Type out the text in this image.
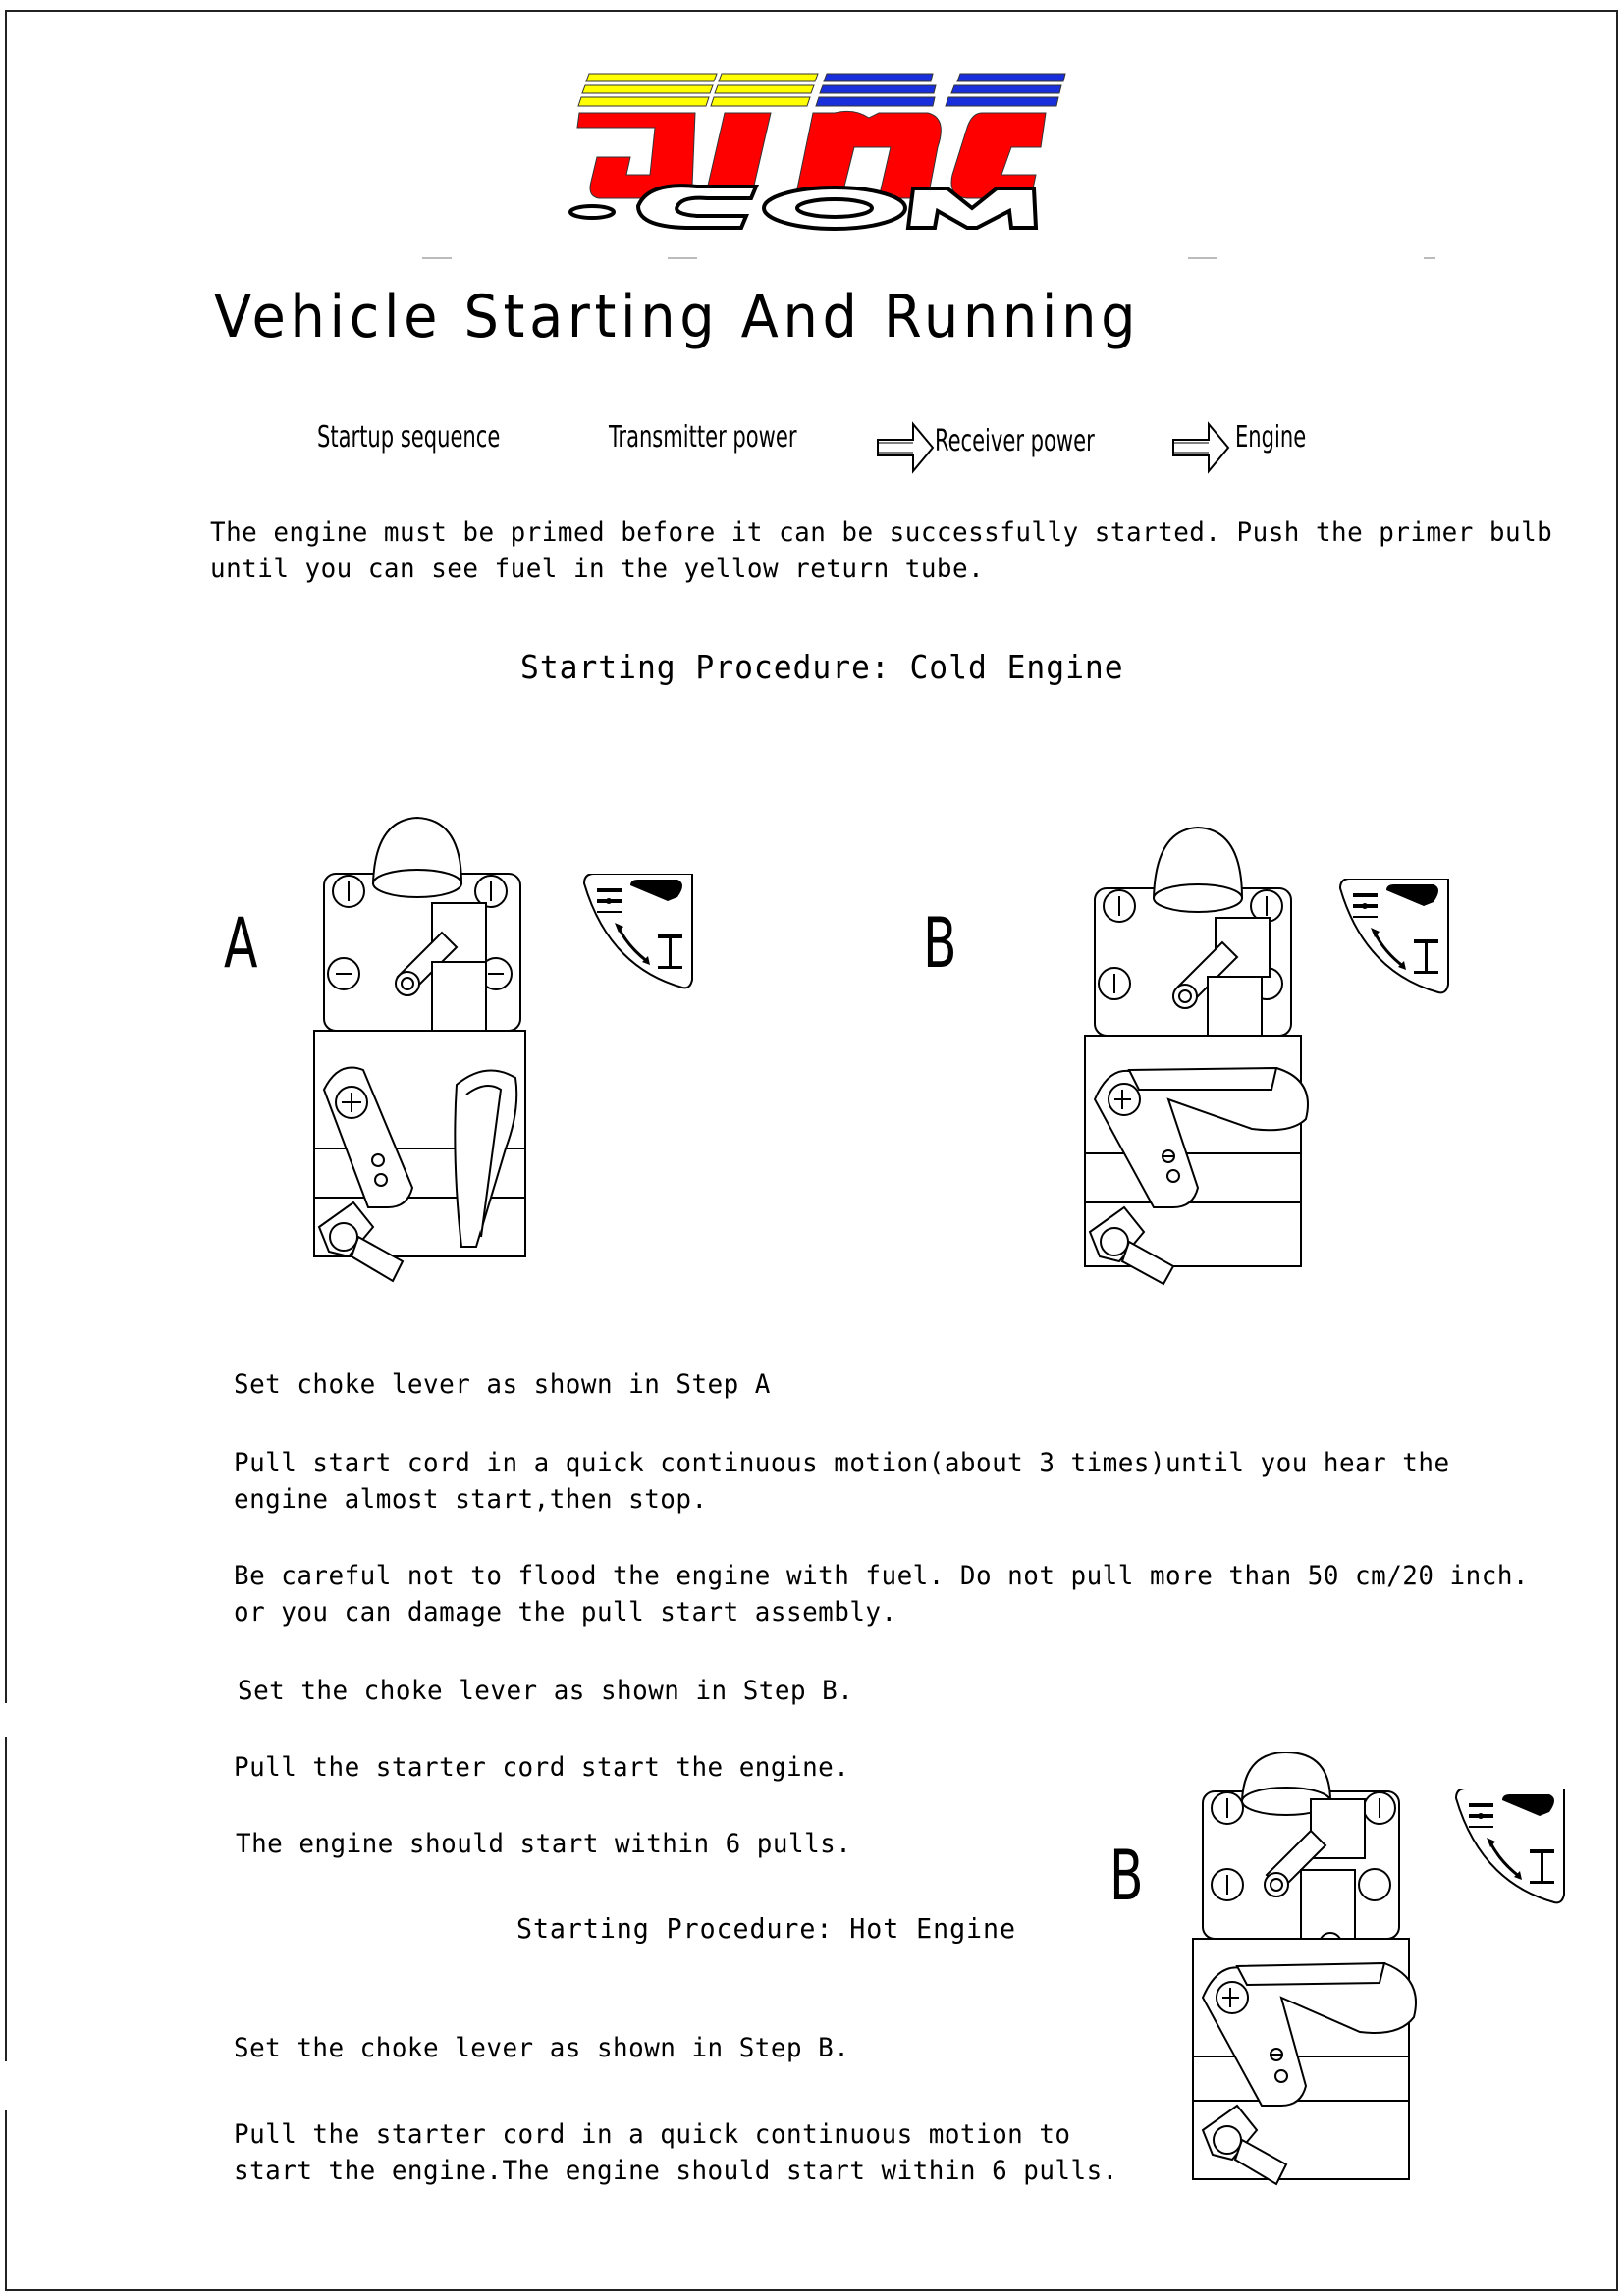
Vehicle Starting And Running
Startup sequence	Transmitter power	Receiver power	Engine
The engine must be primed before it can be successfully started. Push the primer bulb
until you can see fuel in the yellow return tube.
Starting Procedure: Cold Engine
A	B
Set choke lever as shown in Step A
Pull start cord in a quick continuous motion(about 3 times)until you hear the
engine almost start,then stop.
Be careful not to flood the engine with fuel. Do not pull more than 50 cm/20 inch.
or you can damage the pull start assembly.
Set the choke lever as shown in Step B.
Pull the starter cord start the engine.
The engine should start within 6 pulls.
Starting Procedure: Hot Engine
Set the choke lever as shown in Step B.
Pull the starter cord in a quick continuous motion to
start the engine.The engine should start within 6 pulls.
B
